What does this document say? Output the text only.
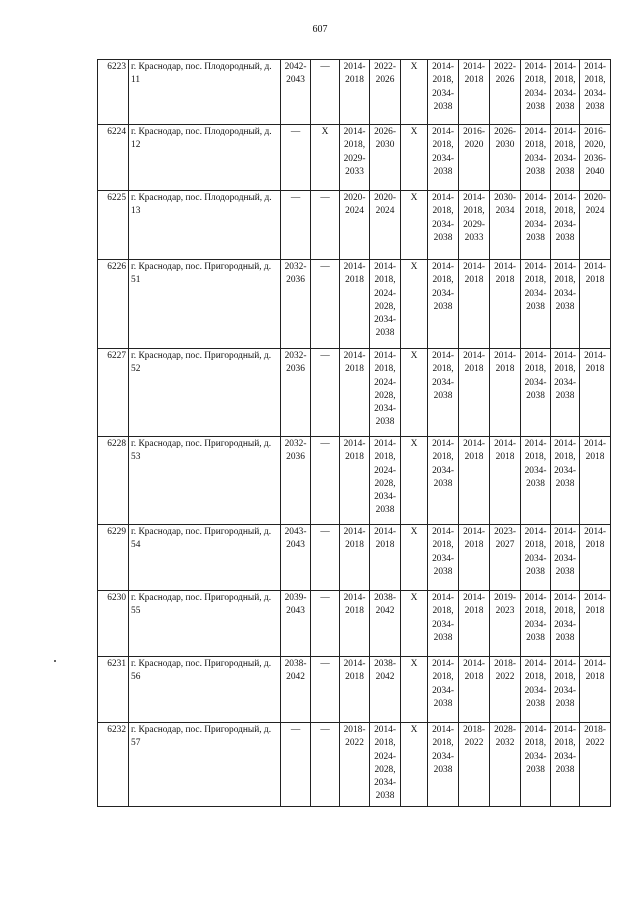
607
6223	г. Краснодар, пос. Плодородный, д. 11	2042-2043	—	2014-2018	2022-2026	X	2014-2018, 2034-2038	2014-2018	2022-2026	2014-2018, 2034-2038	2014-2018, 2034-2038	2014-2018, 2034-2038
6224	г. Краснодар, пос. Плодородный, д. 12	—	X	2014-2018, 2029-2033	2026-2030	X	2014-2018, 2034-2038	2016-2020	2026-2030	2014-2018, 2034-2038	2014-2018, 2034-2038	2016-2020, 2036-2040
6225	г. Краснодар, пос. Плодородный, д. 13	—	—	2020-2024	2020-2024	X	2014-2018, 2034-2038	2014-2018, 2029-2033	2030-2034	2014-2018, 2034-2038	2014-2018, 2034-2038	2020-2024
6226	г. Краснодар, пос. Пригородный, д. 51	2032-2036	—	2014-2018	2014-2018, 2024-2028, 2034-2038	X	2014-2018, 2034-2038	2014-2018	2014-2018	2014-2018, 2034-2038	2014-2018, 2034-2038	2014-2018
6227	г. Краснодар, пос. Пригородный, д. 52	2032-2036	—	2014-2018	2014-2018, 2024-2028, 2034-2038	X	2014-2018, 2034-2038	2014-2018	2014-2018	2014-2018, 2034-2038	2014-2018, 2034-2038	2014-2018
6228	г. Краснодар, пос. Пригородный, д. 53	2032-2036	—	2014-2018	2014-2018, 2024-2028, 2034-2038	X	2014-2018, 2034-2038	2014-2018	2014-2018	2014-2018, 2034-2038	2014-2018, 2034-2038	2014-2018
6229	г. Краснодар, пос. Пригородный, д. 54	2043-2043	—	2014-2018	2014-2018	X	2014-2018, 2034-2038	2014-2018	2023-2027	2014-2018, 2034-2038	2014-2018, 2034-2038	2014-2018
6230	г. Краснодар, пос. Пригородный, д. 55	2039-2043	—	2014-2018	2038-2042	X	2014-2018, 2034-2038	2014-2018	2019-2023	2014-2018, 2034-2038	2014-2018, 2034-2038	2014-2018
6231	г. Краснодар, пос. Пригородный, д. 56	2038-2042	—	2014-2018	2038-2042	X	2014-2018, 2034-2038	2014-2018	2018-2022	2014-2018, 2034-2038	2014-2018, 2034-2038	2014-2018
6232	г. Краснодар, пос. Пригородный, д. 57	—	—	2018-2022	2014-2018, 2024-2028, 2034-2038	X	2014-2018, 2034-2038	2018-2022	2028-2032	2014-2018, 2034-2038	2014-2018, 2034-2038	2018-2022
